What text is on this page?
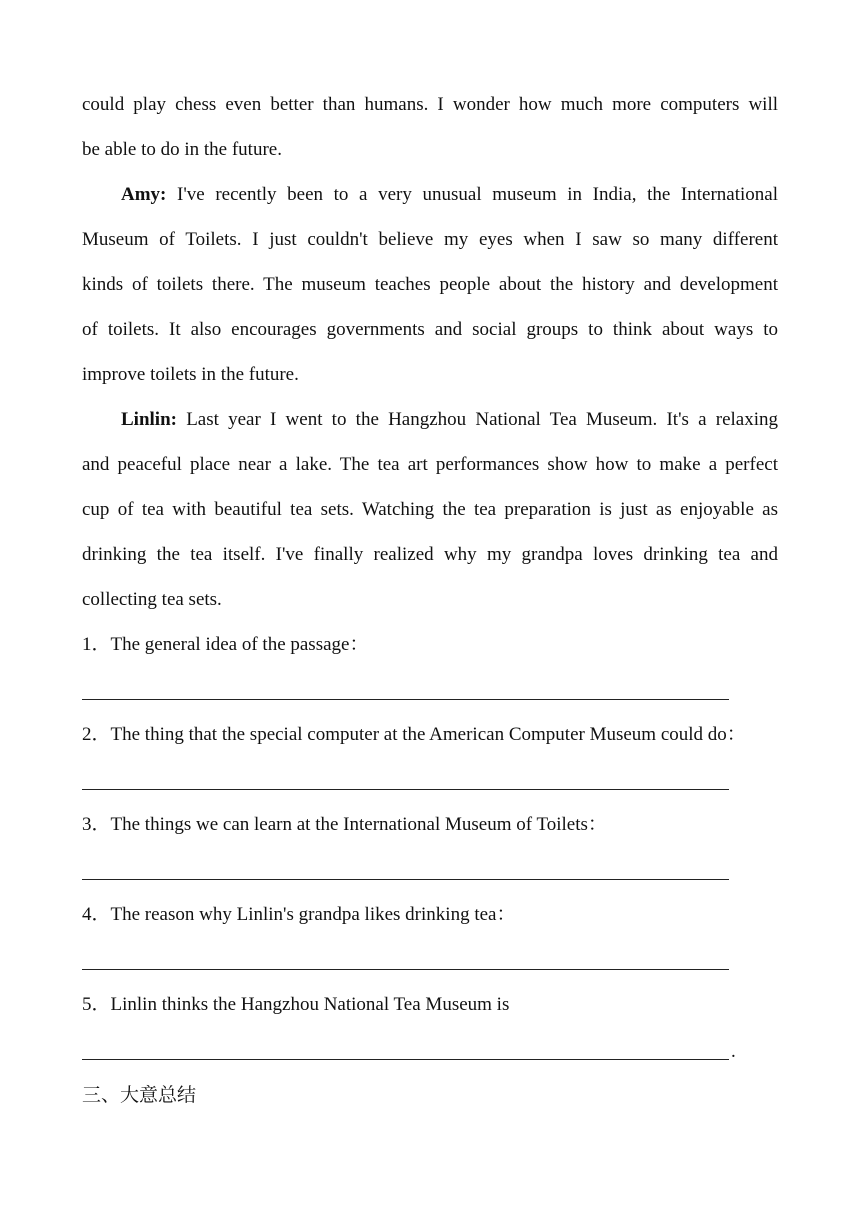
could play chess even better than humans. I wonder how much more computers will
be able to do in the future.
Amy: I've recently been to a very unusual museum in India, the International
Museum of Toilets. I just couldn't believe my eyes when I saw so many different
kinds of toilets there. The museum teaches people about the history and development
of toilets. It also encourages governments and social groups to think about ways to
improve toilets in the future.
Linlin: Last year I went to the Hangzhou National Tea Museum. It's a relaxing
and peaceful place near a lake. The tea art performances show how to make a perfect
cup of tea with beautiful tea sets. Watching the tea preparation is just as enjoyable as
drinking the tea itself. I've finally realized why my grandpa loves drinking tea and
collecting tea sets.
1．The general idea of the passage：
2．The thing that the special computer at the American Computer Museum could do：
3．The things we can learn at the International Museum of Toilets：
4．The reason why Linlin's grandpa likes drinking tea：
5．Linlin thinks the Hangzhou National Tea Museum is
.
三、大意总结
